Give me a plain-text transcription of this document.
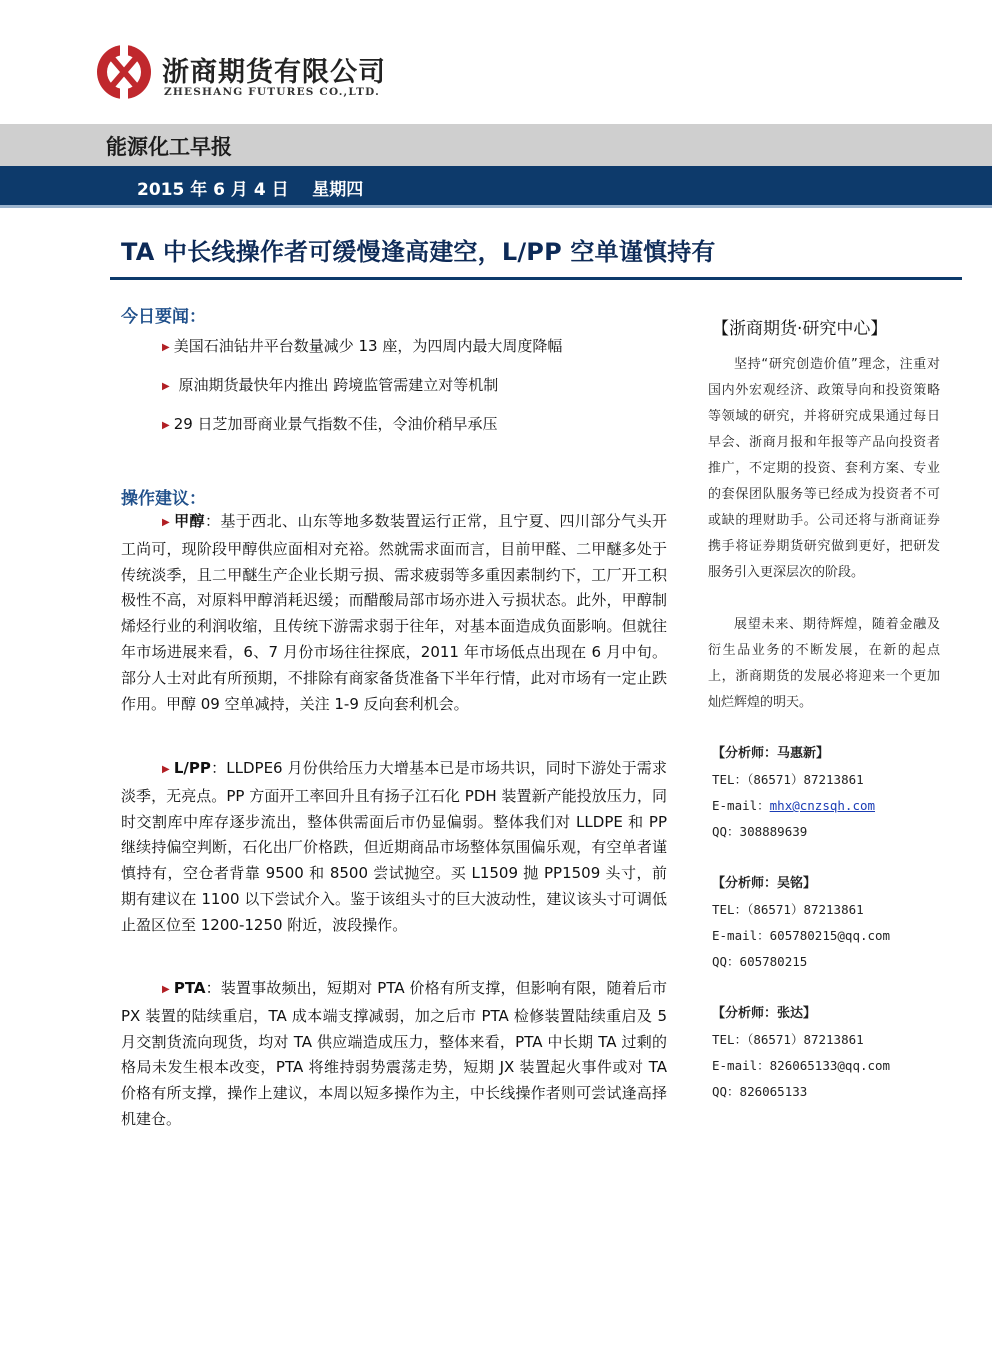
浙商期货有限公司
ZHESHANG FUTURES CO.,LTD.
能源化工早报
2015 年 6 月 4 日    星期四
TA 中长线操作者可缓慢逢高建空，L/PP 空单谨慎持有
今日要闻：
▶ 美国石油钻井平台数量减少 13 座，为四周内最大周度降幅
▶ 原油期货最快年内推出 跨境监管需建立对等机制
▶ 29 日芝加哥商业景气指数不佳，令油价稍早承压
操作建议：
▶ 甲醇：基于西北、山东等地多数装置运行正常，且宁夏、四川部分气头开工尚可，现阶段甲醇供应面相对充裕。然就需求面而言，目前甲醛、二甲醚多处于传统淡季，且二甲醚生产企业长期亏损、需求疲弱等多重因素制约下，工厂开工积极性不高，对原料甲醇消耗迟缓；而醋酸局部市场亦进入亏损状态。此外，甲醇制烯烃行业的利润收缩，且传统下游需求弱于往年，对基本面造成负面影响。但就往年市场进展来看，6、7 月份市场往往探底，2011 年市场低点出现在 6 月中旬。部分人士对此有所预期，不排除有商家备货准备下半年行情，此对市场有一定止跌作用。甲醇 09 空单减持，关注 1-9 反向套利机会。
▶ L/PP：LLDPE6 月份供给压力大增基本已是市场共识，同时下游处于需求淡季，无亮点。PP 方面开工率回升且有扬子江石化 PDH 装置新产能投放压力，同时交割库中库存逐步流出，整体供需面后市仍显偏弱。整体我们对 LLDPE 和 PP 继续持偏空判断，石化出厂价格跌，但近期商品市场整体氛围偏乐观，有空单者谨慎持有，空仓者背靠 9500 和 8500 尝试抛空。买 L1509 抛 PP1509 头寸，前期有建议在 1100 以下尝试介入。鉴于该组头寸的巨大波动性，建议该头寸可调低止盈区位至 1200-1250 附近，波段操作。
▶ PTA：装置事故频出，短期对 PTA 价格有所支撑，但影响有限，随着后市 PX 装置的陆续重启，TA 成本端支撑减弱，加之后市 PTA 检修装置陆续重启及 5 月交割货流向现货，均对 TA 供应端造成压力，整体来看，PTA 中长期 TA 过剩的格局未发生根本改变，PTA 将维持弱势震荡走势，短期 JX 装置起火事件或对 TA 价格有所支撑，操作上建议，本周以短多操作为主，中长线操作者则可尝试逢高择机建仓。
【浙商期货·研究中心】
坚持“研究创造价值”理念，注重对国内外宏观经济、政策导向和投资策略等领域的研究，并将研究成果通过每日早会、浙商月报和年报等产品向投资者推广，不定期的投资、套利方案、专业的套保团队服务等已经成为投资者不可或缺的理财助手。公司还将与浙商证券携手将证券期货研究做到更好，把研发服务引入更深层次的阶段。
展望未来、期待辉煌，随着金融及衍生品业务的不断发展，在新的起点上，浙商期货的发展必将迎来一个更加灿烂辉煌的明天。
【分析师：马惠新】
TEL：（86571）87213861
E-mail：mhx@cnzsqh.com
QQ：308889639
【分析师：吴铭】
TEL：（86571）87213861
E-mail：605780215@qq.com
QQ：605780215
【分析师：张达】
TEL：（86571）87213861
E-mail：826065133@qq.com
QQ：826065133
